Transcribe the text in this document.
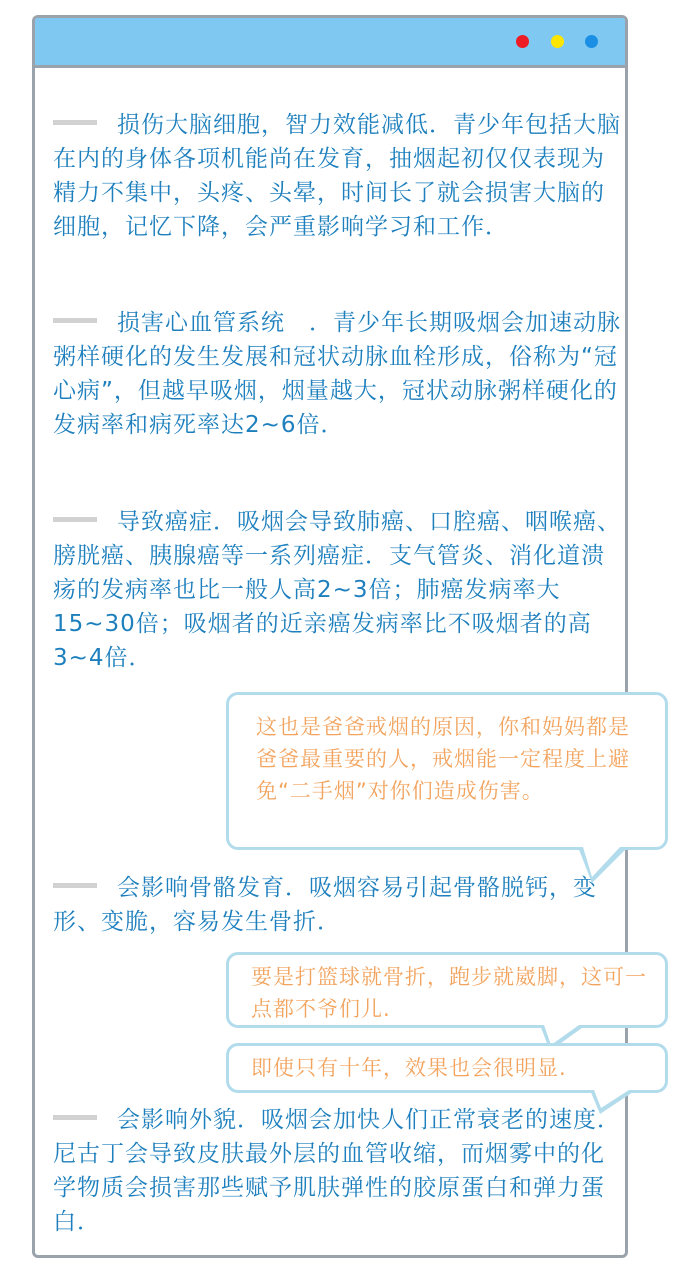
损伤大脑细胞，智力效能减低．青少年包括大脑在内的身体各项机能尚在发育，抽烟起初仅仅表现为精力不集中，头疼、头晕，时间长了就会损害大脑的细胞，记忆下降，会严重影响学习和工作．

损害心血管系统　．青少年长期吸烟会加速动脉粥样硬化的发生发展和冠状动脉血栓形成，俗称为“冠心病”，但越早吸烟，烟量越大，冠状动脉粥样硬化的发病率和病死率达2~6倍．

导致癌症．吸烟会导致肺癌、口腔癌、咽喉癌、膀胱癌、胰腺癌等一系列癌症．支气管炎、消化道溃疡的发病率也比一般人高2~3倍；肺癌发病率大15~30倍；吸烟者的近亲癌发病率比不吸烟者的高3~4倍．

会影响骨骼发育．吸烟容易引起骨骼脱钙，变形、变脆，容易发生骨折．

会影响外貌．吸烟会加快人们正常衰老的速度．尼古丁会导致皮肤最外层的血管收缩，而烟雾中的化学物质会损害那些赋予肌肤弹性的胶原蛋白和弹力蛋白．

这也是爸爸戒烟的原因，你和妈妈都是爸爸最重要的人，戒烟能一定程度上避免“二手烟”对你们造成伤害。
要是打篮球就骨折，跑步就崴脚，这可一点都不爷们儿.
即使只有十年，效果也会很明显.
